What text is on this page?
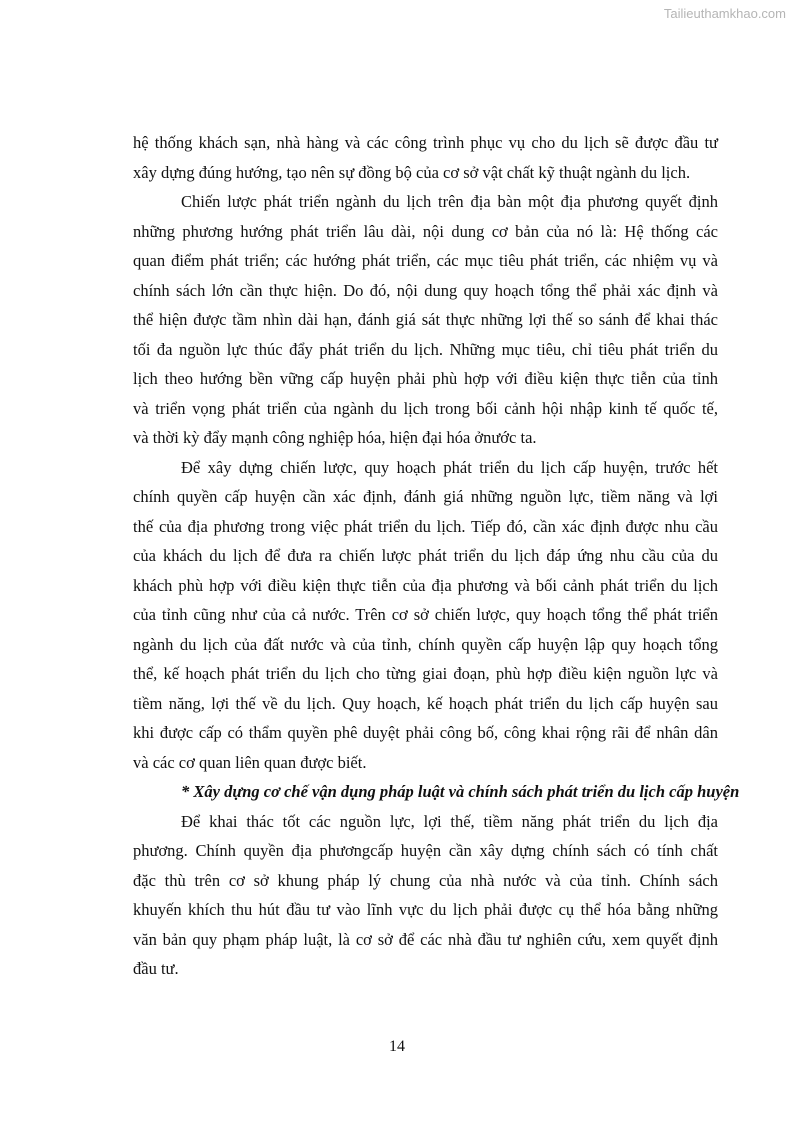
Tailieuthamkhao.com
hệ thống khách sạn, nhà hàng và các công trình phục vụ cho du lịch sẽ được đầu tư
xây dựng đúng hướng, tạo nên sự đồng bộ của cơ sở vật chất kỹ thuật ngành du lịch.
Chiến lược phát triển ngành du lịch trên địa bàn một địa phương quyết định
những phương hướng phát triển lâu dài, nội dung cơ bản của nó là: Hệ thống các
quan điểm phát triển; các hướng phát triển, các mục tiêu phát triển, các nhiệm vụ và
chính sách lớn cần thực hiện. Do đó, nội dung quy hoạch tổng thể phải xác định và
thể hiện được tầm nhìn dài hạn, đánh giá sát thực những lợi thế so sánh để khai thác
tối đa nguồn lực thúc đẩy phát triển du lịch. Những mục tiêu, chỉ tiêu phát triển du
lịch theo hướng bền vững cấp huyện phải phù hợp với điều kiện thực tiễn của tỉnh
và triển vọng phát triển của ngành du lịch trong bối cảnh hội nhập kinh tế quốc tế,
và thời kỳ đẩy mạnh công nghiệp hóa, hiện đại hóa ởnước ta.
Để xây dựng chiến lược, quy hoạch phát triển du lịch cấp huyện, trước hết
chính quyền cấp huyện cần xác định, đánh giá những nguồn lực, tiềm năng và lợi
thế của địa phương trong việc phát triển du lịch. Tiếp đó, cần xác định được nhu cầu
của khách du lịch để đưa ra chiến lược phát triển du lịch đáp ứng nhu cầu của du
khách phù hợp với điều kiện thực tiễn của địa phương và bối cảnh phát triển du lịch
của tỉnh cũng như của cả nước. Trên cơ sở chiến lược, quy hoạch tổng thể phát triển
ngành du lịch của đất nước và của tỉnh, chính quyền cấp huyện lập quy hoạch tổng
thể, kế hoạch phát triển du lịch cho từng giai đoạn, phù hợp điều kiện nguồn lực và
tiềm năng, lợi thế về du lịch. Quy hoạch, kế hoạch phát triển du lịch cấp huyện sau
khi được cấp có thẩm quyền phê duyệt phải công bố, công khai rộng rãi để nhân dân
và các cơ quan liên quan được biết.
* Xây dựng cơ chế vận dụng pháp luật và chính sách phát triển du lịch cấp huyện
Để khai thác tốt các nguồn lực, lợi thế, tiềm năng phát triển du lịch địa
phương. Chính quyền địa phươngcấp huyện cần xây dựng chính sách có tính chất
đặc thù trên cơ sở khung pháp lý chung của nhà nước và của tỉnh. Chính sách
khuyến khích thu hút đầu tư vào lĩnh vực du lịch phải được cụ thể hóa bằng những
văn bản quy phạm pháp luật, là cơ sở để các nhà đầu tư nghiên cứu, xem quyết định
đầu tư.
14
